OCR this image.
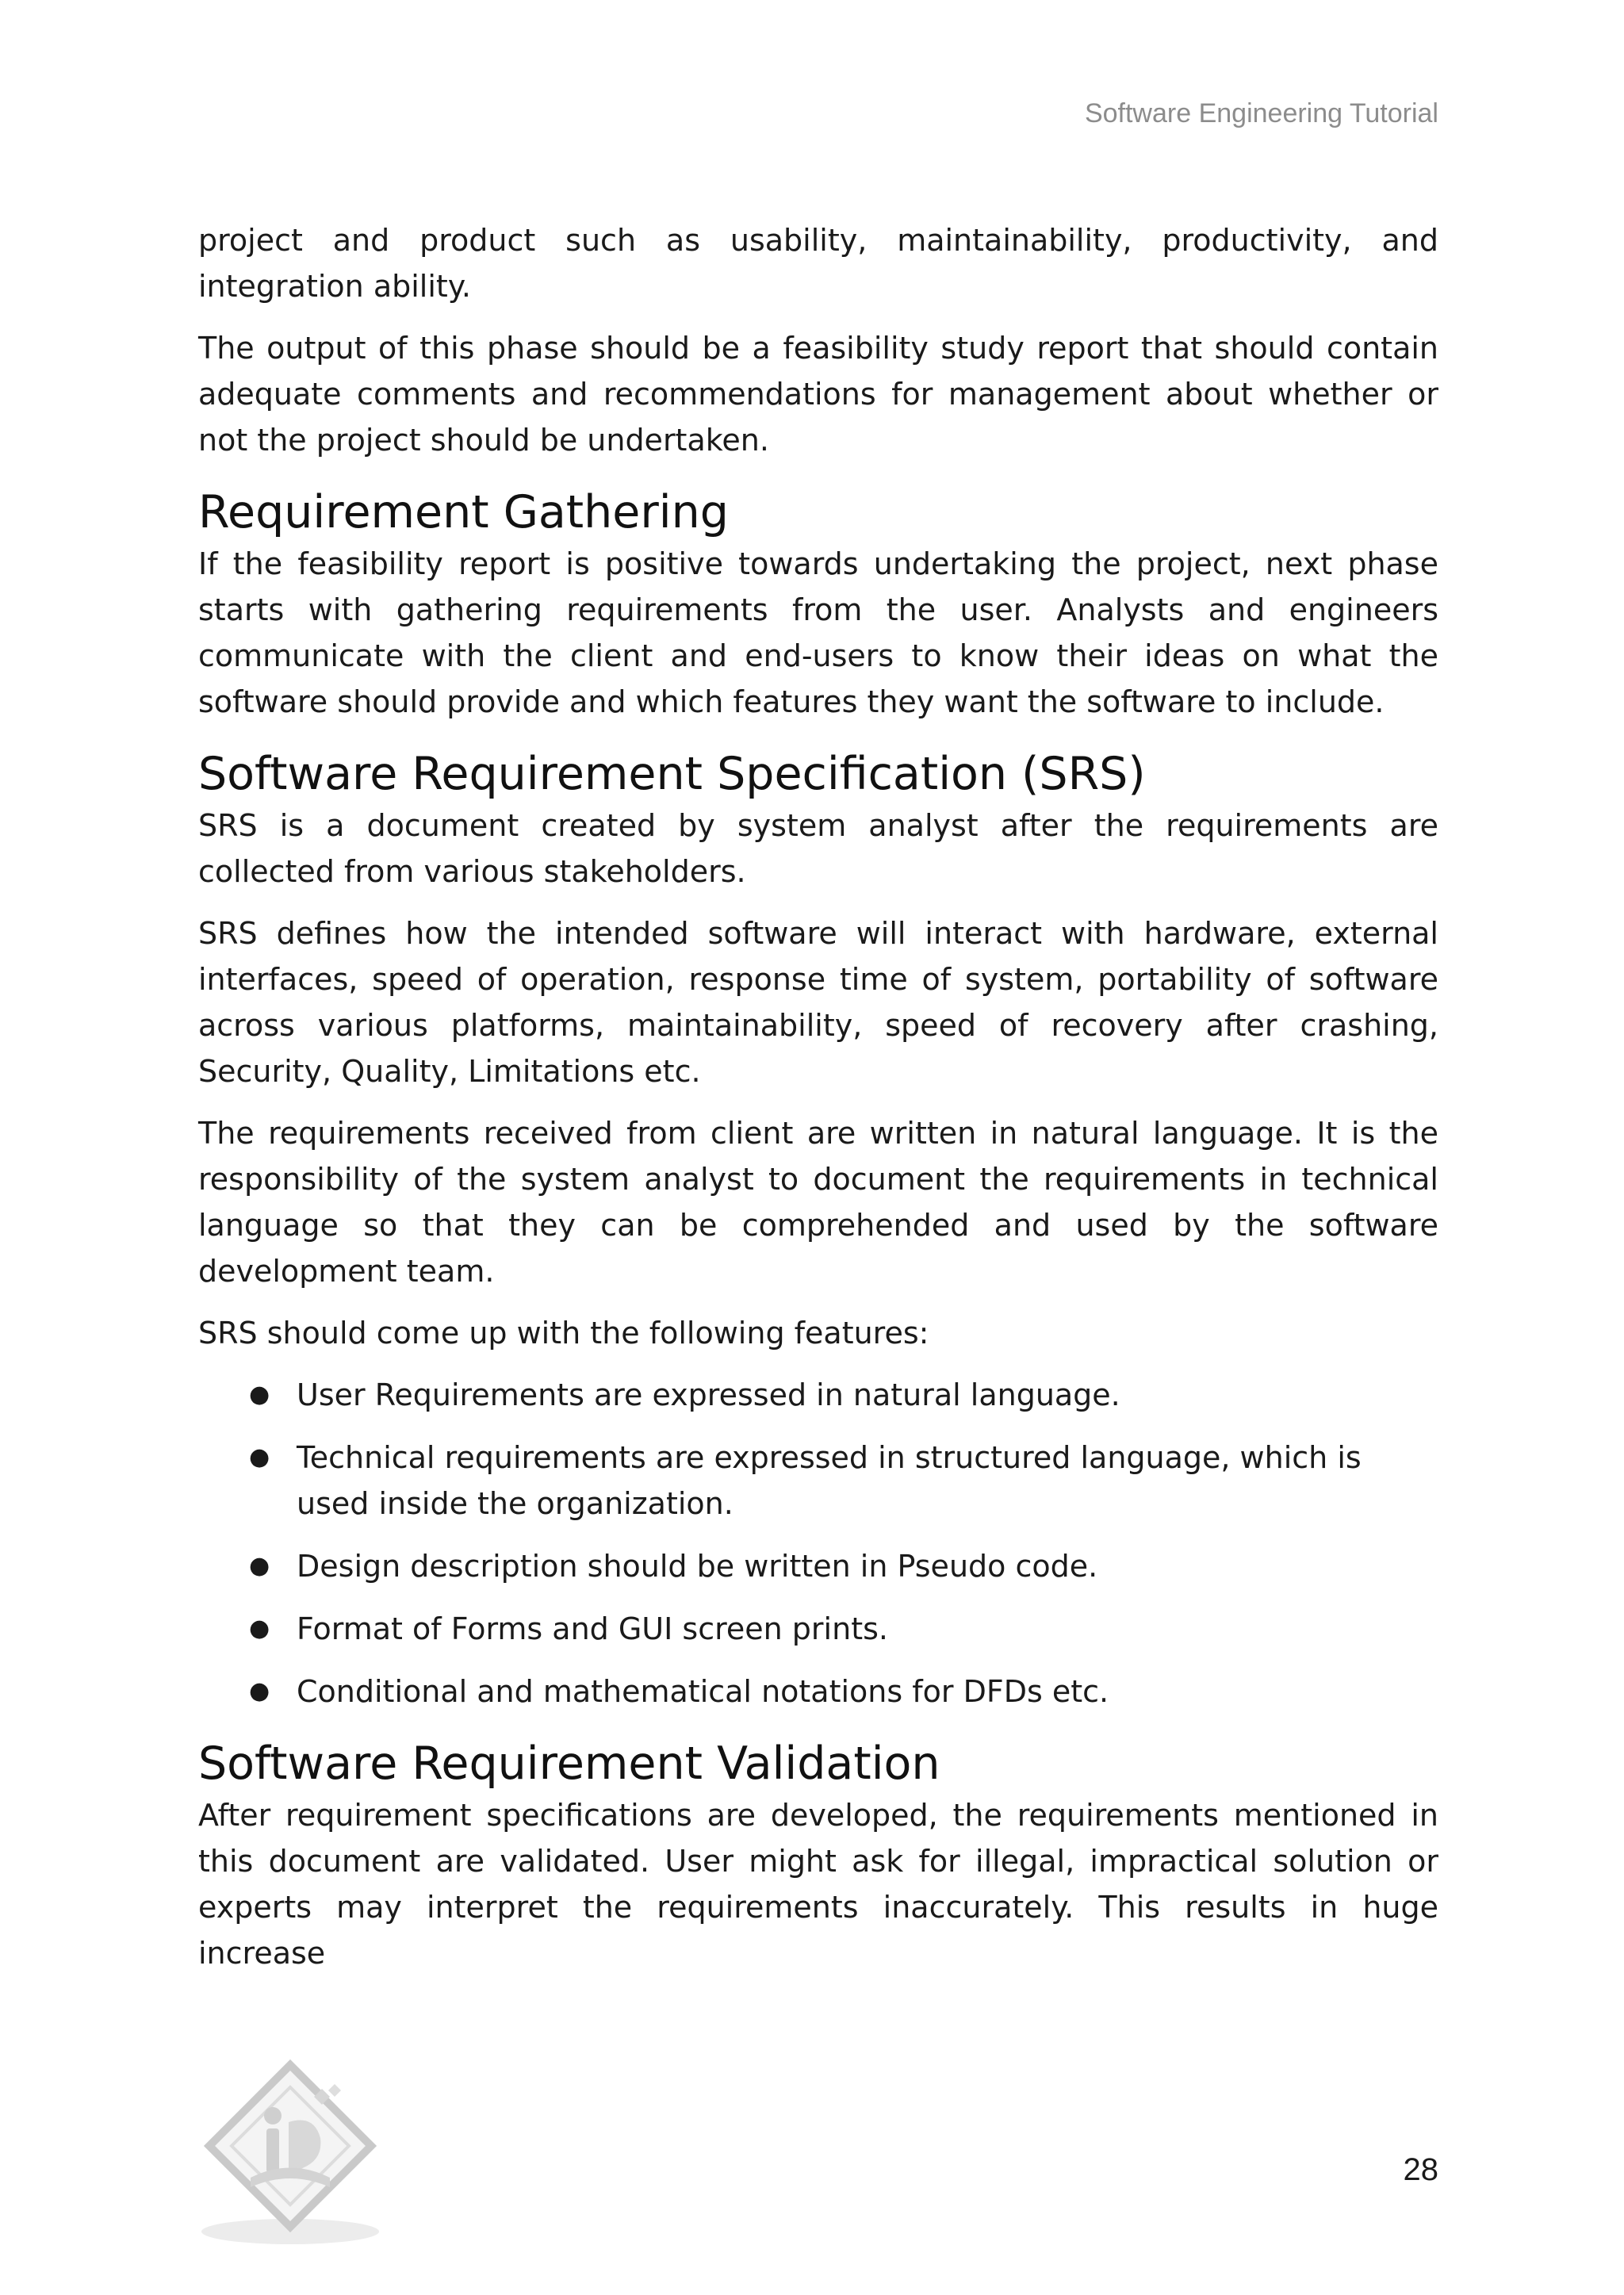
Software Engineering Tutorial

project and product such as usability, maintainability, productivity, and integration ability.

The output of this phase should be a feasibility study report that should contain adequate comments and recommendations for management about whether or not the project should be undertaken.

Requirement Gathering

If the feasibility report is positive towards undertaking the project, next phase starts with gathering requirements from the user. Analysts and engineers communicate with the client and end-users to know their ideas on what the software should provide and which features they want the software to include.

Software Requirement Specification (SRS)

SRS is a document created by system analyst after the requirements are collected from various stakeholders.

SRS defines how the intended software will interact with hardware, external interfaces, speed of operation, response time of system, portability of software across various platforms, maintainability, speed of recovery after crashing, Security, Quality, Limitations etc.

The requirements received from client are written in natural language. It is the responsibility of the system analyst to document the requirements in technical language so that they can be comprehended and used by the software development team.

SRS should come up with the following features:

● User Requirements are expressed in natural language.
● Technical requirements are expressed in structured language, which is used inside the organization.
● Design description should be written in Pseudo code.
● Format of Forms and GUI screen prints.
● Conditional and mathematical notations for DFDs etc.
Software Requirement Validation

After requirement specifications are developed, the requirements mentioned in this document are validated. User might ask for illegal, impractical solution or experts may interpret the requirements inaccurately. This results in huge increase

28
